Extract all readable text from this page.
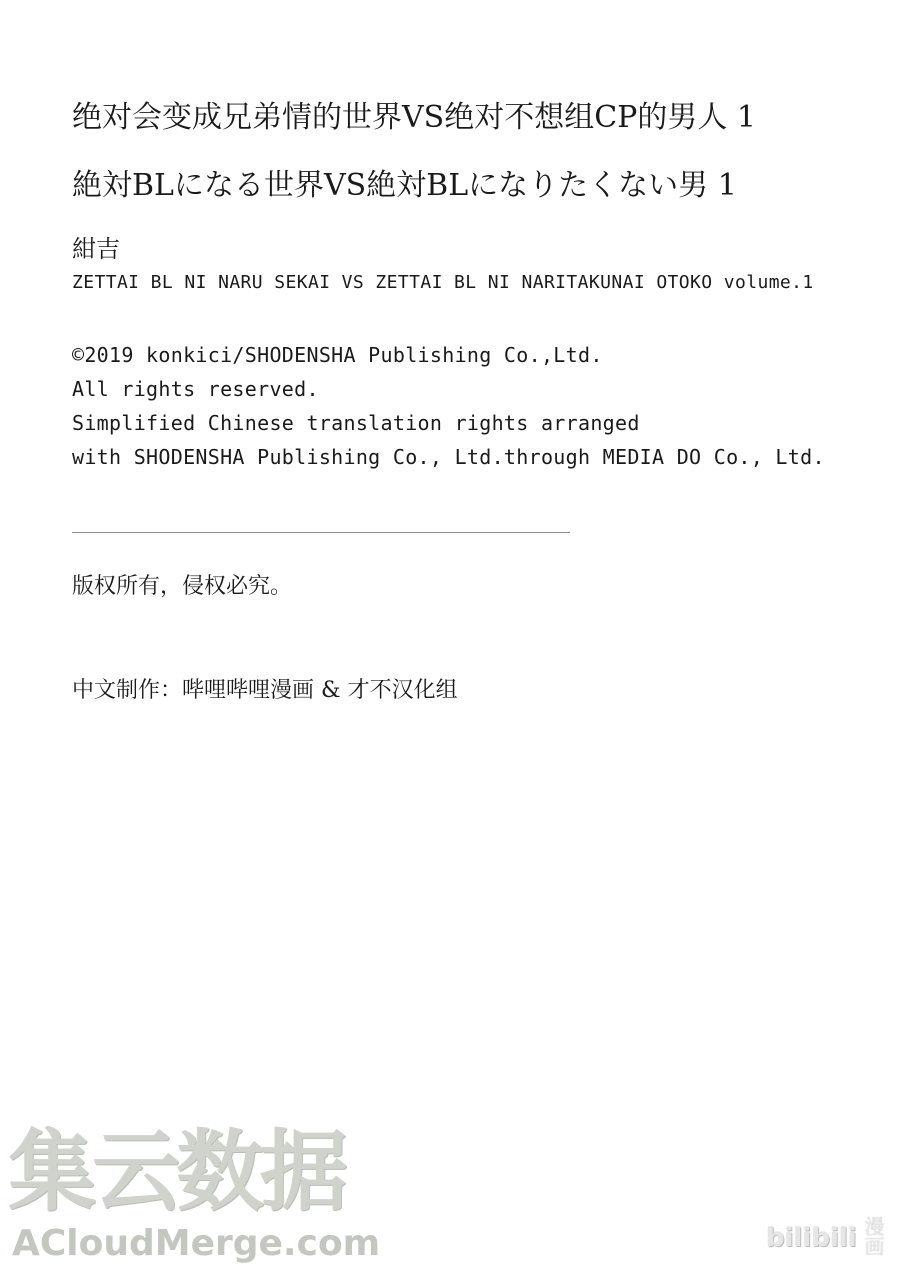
绝对会变成兄弟情的世界VS绝对不想组CP的男人 1
絶対BLになる世界VS絶対BLになりたくない男 1
紺吉
ZETTAI BL NI NARU SEKAI VS ZETTAI BL NI NARITAKUNAI OTOKO volume.1
©2019 konkici/SHODENSHA Publishing Co.,Ltd.
All rights reserved.
Simplified Chinese translation rights arranged
with SHODENSHA Publishing Co., Ltd.through MEDIA DO Co., Ltd.
版权所有，侵权必究。
中文制作：哔哩哔哩漫画 & 才不汉化组
集云数据
ACloudMerge.com	bilibili 漫画
